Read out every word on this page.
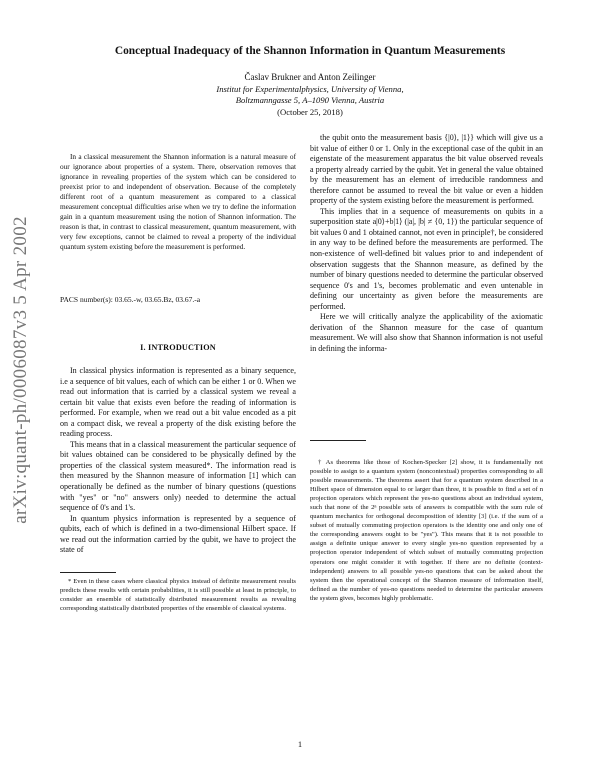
arXiv:quant-ph/0006087v3 5 Apr 2002
Conceptual Inadequacy of the Shannon Information in Quantum Measurements
Časlav Brukner and Anton Zeilinger
Institut for Experimentalphysics, University of Vienna,
Boltzmanngasse 5, A–1090 Vienna, Austria
(October 25, 2018)

In a classical measurement the Shannon information is a natural measure of our ignorance about properties of a system. There, observation removes that ignorance in revealing properties of the system which can be considered to preexist prior to and independent of observation. Because of the completely different root of a quantum measurement as compared to a classical measurement conceptual difficulties arise when we try to define the information gain in a quantum measurement using the notion of Shannon information. The reason is that, in contrast to classical measurement, quantum measurement, with very few exceptions, cannot be claimed to reveal a property of the individual quantum system existing before the measurement is performed.

PACS number(s): 03.65.-w, 03.65.Bz, 03.67.-a

I. INTRODUCTION

In classical physics information is represented as a binary sequence, i.e a sequence of bit values, each of which can be either 1 or 0. When we read out information that is carried by a classical system we reveal a certain bit value that exists even before the reading of information is performed. For example, when we read out a bit value encoded as a pit on a compact disk, we reveal a property of the disk existing before the reading process.

This means that in a classical measurement the particular sequence of bit values obtained can be considered to be physically defined by the properties of the classical system measured*. The information read is then measured by the Shannon measure of information [1] which can operationally be defined as the number of binary questions (questions with "yes" or "no" answers only) needed to determine the actual sequence of 0's and 1's.

In quantum physics information is represented by a sequence of qubits, each of which is defined in a two-dimensional Hilbert space. If we read out the information carried by the qubit, we have to project the state of

* Even in these cases where classical physics instead of definite measurement results predicts these results with certain probabilities, it is still possible at least in principle, to consider an ensemble of statistically distributed measurement results as revealing corresponding statistically distributed properties of the ensemble of classical systems.

the qubit onto the measurement basis {|0⟩, |1⟩} which will give us a bit value of either 0 or 1. Only in the exceptional case of the qubit in an eigenstate of the measurement apparatus the bit value observed reveals a property already carried by the qubit. Yet in general the value obtained by the measurement has an element of irreducible randomness and therefore cannot be assumed to reveal the bit value or even a hidden property of the system existing before the measurement is performed.

This implies that in a sequence of measurements on qubits in a superposition state a|0⟩+b|1⟩ (|a|, |b| ≠ {0, 1}) the particular sequence of bit values 0 and 1 obtained cannot, not even in principle†, be considered in any way to be defined before the measurements are performed. The non-existence of well-defined bit values prior to and independent of observation suggests that the Shannon measure, as defined by the number of binary questions needed to determine the particular observed sequence 0's and 1's, becomes problematic and even untenable in defining our uncertainty as given before the measurements are performed.

Here we will critically analyze the applicability of the axiomatic derivation of the Shannon measure for the case of quantum measurement. We will also show that Shannon information is not useful in defining the informa-

† As theorems like those of Kochen-Specker [2] show, it is fundamentally not possible to assign to a quantum system (noncontextual) properties corresponding to all possible measurements. The theorems assert that for a quantum system described in a Hilbert space of dimension equal to or larger than three, it is possible to find a set of n projection operators which represent the yes-no questions about an individual system, such that none of the 2ⁿ possible sets of answers is compatible with the sum rule of quantum mechanics for orthogonal decomposition of identity [3] (i.e. if the sum of a subset of mutually commuting projection operators is the identity one and only one of the corresponding answers ought to be "yes"). This means that it is not possible to assign a definite unique answer to every single yes-no question represented by a projection operator independent of which subset of mutually commuting projection operators one might consider it with together. If there are no definite (context-independent) answers to all possible yes-no questions that can be asked about the system then the operational concept of the Shannon measure of information itself, defined as the number of yes-no questions needed to determine the particular answers the system gives, becomes highly problematic.

1
